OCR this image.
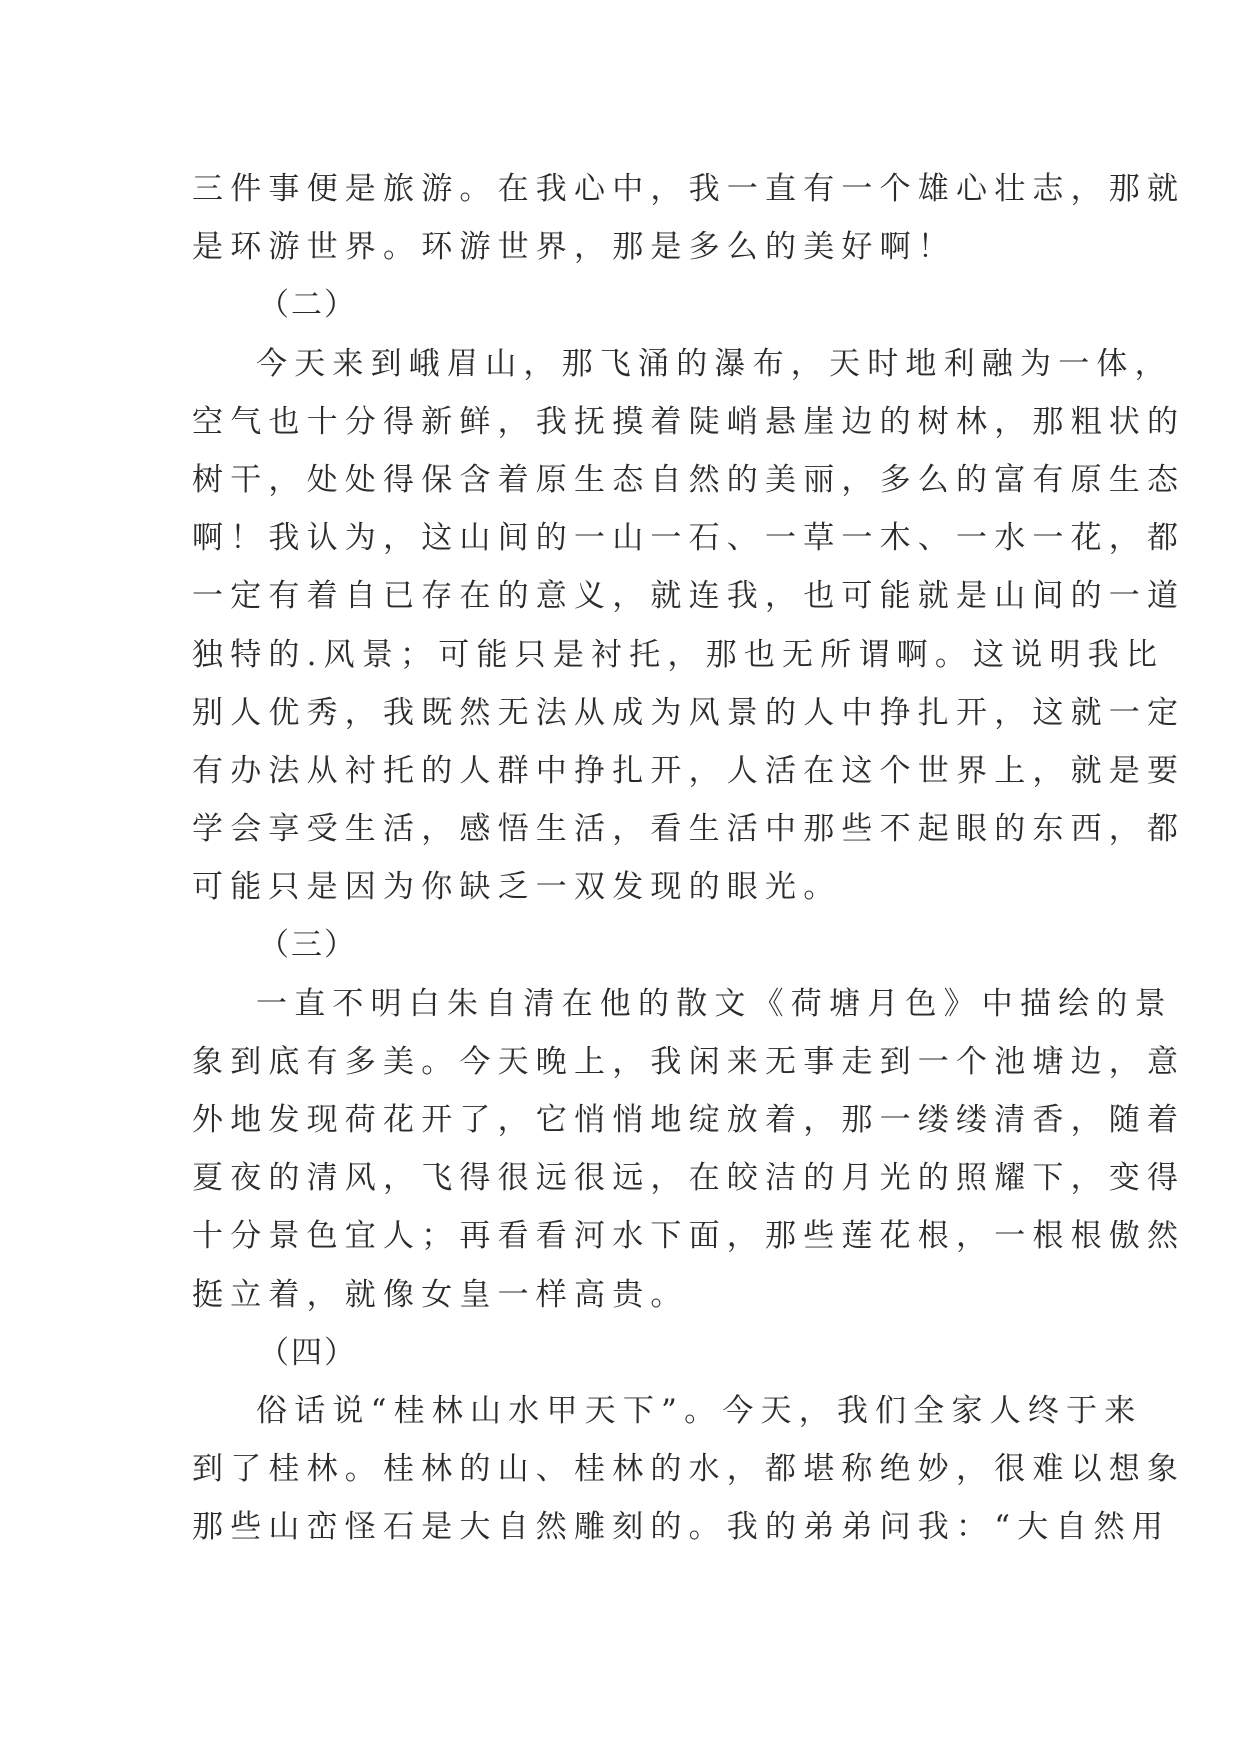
三件事便是旅游。在我心中，我一直有一个雄心壮志，那就
是环游世界。环游世界，那是多么的美好啊！
（二）
今天来到峨眉山，那飞涌的瀑布，天时地利融为一体，
空气也十分得新鲜，我抚摸着陡峭悬崖边的树林，那粗状的
树干，处处得保含着原生态自然的美丽，多么的富有原生态
啊！我认为，这山间的一山一石、一草一木、一水一花，都
一定有着自已存在的意义，就连我，也可能就是山间的一道
独特的.风景；可能只是衬托，那也无所谓啊。这说明我比
别人优秀，我既然无法从成为风景的人中挣扎开，这就一定
有办法从衬托的人群中挣扎开，人活在这个世界上，就是要
学会享受生活，感悟生活，看生活中那些不起眼的东西，都
可能只是因为你缺乏一双发现的眼光。
（三）
一直不明白朱自清在他的散文《荷塘月色》中描绘的景
象到底有多美。今天晚上，我闲来无事走到一个池塘边，意
外地发现荷花开了，它悄悄地绽放着，那一缕缕清香，随着
夏夜的清风，飞得很远很远，在皎洁的月光的照耀下，变得
十分景色宜人；再看看河水下面，那些莲花根，一根根傲然
挺立着，就像女皇一样高贵。
（四）
俗话说“桂林山水甲天下”。今天，我们全家人终于来
到了桂林。桂林的山、桂林的水，都堪称绝妙，很难以想象
那些山峦怪石是大自然雕刻的。我的弟弟问我：“大自然用
